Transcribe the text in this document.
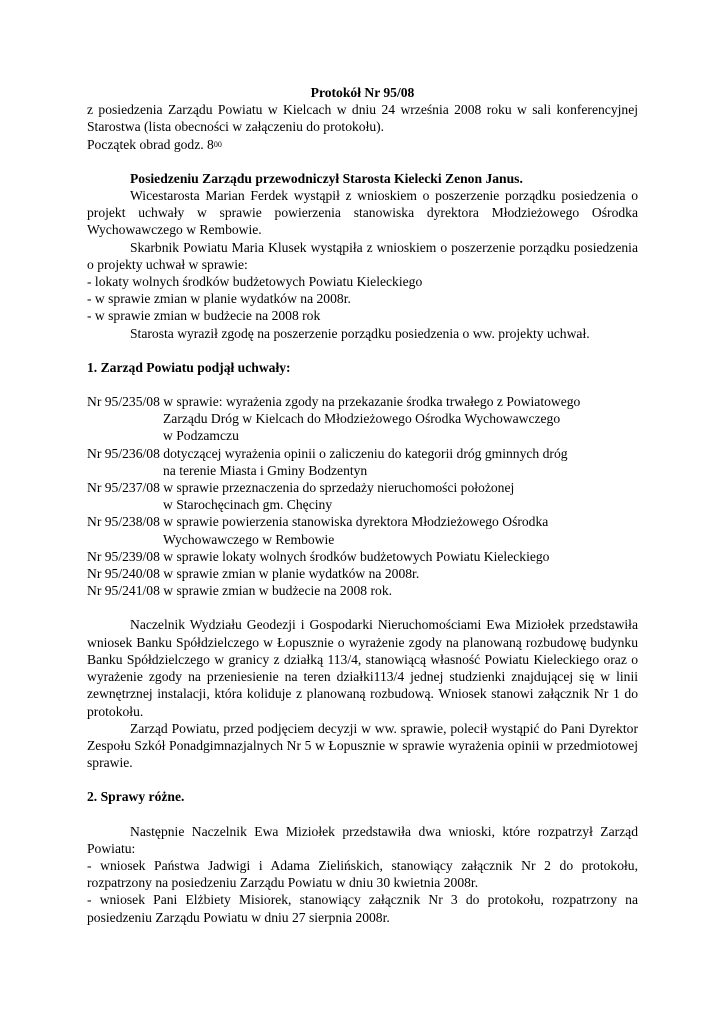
Protokół Nr 95/08

z posiedzenia Zarządu Powiatu w Kielcach w dniu 24 września 2008 roku w sali konferencyjnej Starostwa (lista obecności w załączeniu do protokołu).

Początek obrad godz. $8^{00}$

Posiedzeniu Zarządu przewodniczył Starosta Kielecki Zenon Janus.

Wicestarosta Marian Ferdek wystąpił z wnioskiem o poszerzenie porządku posiedzenia o projekt uchwały w sprawie powierzenia stanowiska dyrektora Młodzieżowego Ośrodka Wychowawczego w Rembowie.

Skarbnik Powiatu Maria Klusek wystąpiła z wnioskiem o poszerzenie porządku posiedzenia o projekty uchwał w sprawie:

- lokaty wolnych środków budżetowych Powiatu Kieleckiego

- w sprawie zmian w planie wydatków na 2008r.

- w sprawie zmian w budżecie na 2008 rok

Starosta wyraził zgodę na poszerzenie porządku posiedzenia o ww. projekty uchwał.

1. Zarząd Powiatu podjął uchwały:

Nr 95/235/08 w sprawie: wyrażenia zgody na przekazanie środka trwałego z Powiatowego

Zarządu Dróg w Kielcach do Młodzieżowego Ośrodka Wychowawczego

w Podzamczu

Nr 95/236/08 dotyczącej wyrażenia opinii o zaliczeniu do kategorii dróg gminnych dróg

na terenie Miasta i Gminy Bodzentyn

Nr 95/237/08 w sprawie przeznaczenia do sprzedaży nieruchomości położonej

w Starochęcinach gm. Chęciny

Nr 95/238/08 w sprawie powierzenia stanowiska dyrektora Młodzieżowego Ośrodka

Wychowawczego w Rembowie

Nr 95/239/08 w sprawie lokaty wolnych środków budżetowych Powiatu Kieleckiego

Nr 95/240/08 w sprawie zmian w planie wydatków na 2008r.

Nr 95/241/08 w sprawie zmian w budżecie na 2008 rok.

Naczelnik Wydziału Geodezji i Gospodarki Nieruchomościami Ewa Miziołek przedstawiła wniosek Banku Spółdzielczego w Łopusznie o wyrażenie zgody na planowaną rozbudowę budynku Banku Spółdzielczego w granicy z działką 113/4, stanowiącą własność Powiatu Kieleckiego oraz o wyrażenie zgody na przeniesienie na teren działki113/4 jednej studzienki znajdującej się w linii zewnętrznej instalacji, która koliduje z planowaną rozbudową. Wniosek stanowi załącznik Nr 1 do protokołu.

Zarząd Powiatu, przed podjęciem decyzji w ww. sprawie, polecił wystąpić do Pani Dyrektor Zespołu Szkół Ponadgimnazjalnych Nr 5 w Łopusznie w sprawie wyrażenia opinii w przedmiotowej sprawie.

2. Sprawy różne.

Następnie Naczelnik Ewa Miziołek przedstawiła dwa wnioski, które rozpatrzył Zarząd Powiatu:

- wniosek Państwa Jadwigi i Adama Zielińskich, stanowiący załącznik Nr 2 do protokołu, rozpatrzony na posiedzeniu Zarządu Powiatu w dniu 30 kwietnia 2008r.

- wniosek Pani Elżbiety Misiorek, stanowiący załącznik Nr 3 do protokołu, rozpatrzony na posiedzeniu Zarządu Powiatu w dniu 27 sierpnia 2008r.
